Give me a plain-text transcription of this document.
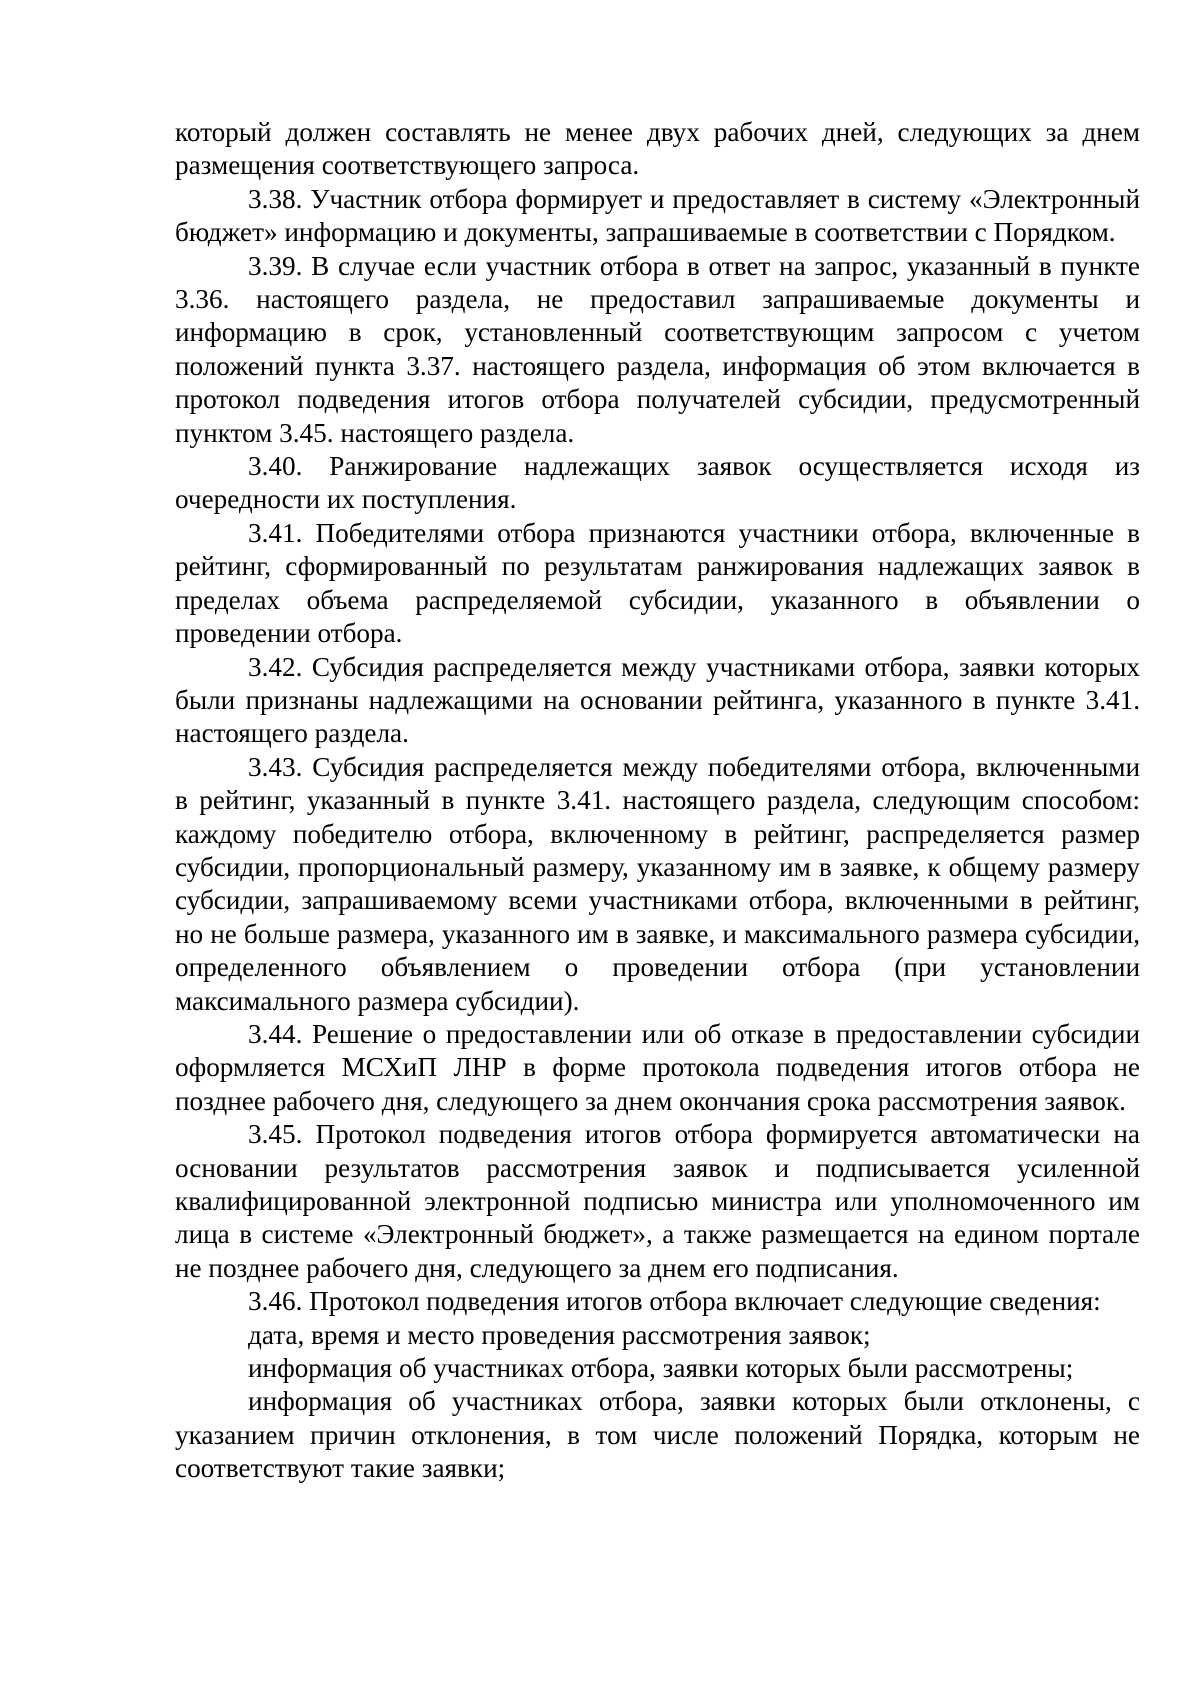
который должен составлять не менее двух рабочих дней, следующих за днем размещения соответствующего запроса.

3.38. Участник отбора формирует и предоставляет в систему «Электронный бюджет» информацию и документы, запрашиваемые в соответствии с Порядком.

3.39. В случае если участник отбора в ответ на запрос, указанный в пункте 3.36. настоящего раздела, не предоставил запрашиваемые документы и информацию в срок, установленный соответствующим запросом с учетом положений пункта 3.37. настоящего раздела, информация об этом включается в протокол подведения итогов отбора получателей субсидии, предусмотренный пунктом 3.45. настоящего раздела.

3.40. Ранжирование надлежащих заявок осуществляется исходя из очередности их поступления.

3.41. Победителями отбора признаются участники отбора, включенные в рейтинг, сформированный по результатам ранжирования надлежащих заявок в пределах объема распределяемой субсидии, указанного в объявлении о проведении отбора.

3.42. Субсидия распределяется между участниками отбора, заявки которых были признаны надлежащими на основании рейтинга, указанного в пункте 3.41. настоящего раздела.

3.43. Субсидия распределяется между победителями отбора, включенными в рейтинг, указанный в пункте 3.41. настоящего раздела, следующим способом: каждому победителю отбора, включенному в рейтинг, распределяется размер субсидии, пропорциональный размеру, указанному им в заявке, к общему размеру субсидии, запрашиваемому всеми участниками отбора, включенными в рейтинг, но не больше размера, указанного им в заявке, и максимального размера субсидии, определенного объявлением о проведении отбора (при установлении максимального размера субсидии).

3.44. Решение о предоставлении или об отказе в предоставлении субсидии оформляется МСХиП ЛНР в форме протокола подведения итогов отбора не позднее рабочего дня, следующего за днем окончания срока рассмотрения заявок.

3.45. Протокол подведения итогов отбора формируется автоматически на основании результатов рассмотрения заявок и подписывается усиленной квалифицированной электронной подписью министра или уполномоченного им лица в системе «Электронный бюджет», а также размещается на едином портале не позднее рабочего дня, следующего за днем его подписания.

3.46. Протокол подведения итогов отбора включает следующие сведения:

дата, время и место проведения рассмотрения заявок;

информация об участниках отбора, заявки которых были рассмотрены;

информация об участниках отбора, заявки которых были отклонены, с указанием причин отклонения, в том числе положений Порядка, которым не соответствуют такие заявки;
